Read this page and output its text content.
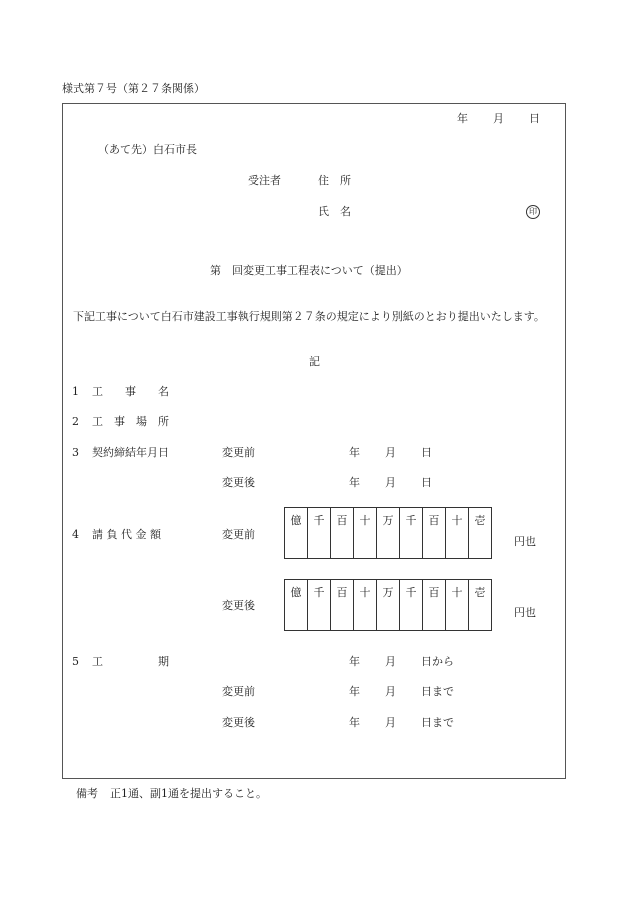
様式第７号（第２７条関係）
年 月 日
（あて先）白石市長
受注者	住　所
氏　名	印
第　回変更工事工程表について（提出）
　下記工事について白石市建設工事執行規則第２７条の規定により別紙のとおり提出いたします。
記
1 工　　事　　名
2 工　事　場　所
3 契約締結年月日	変更前	年 月 日
変更後	年 月 日
4 請 負 代 金 額	変更前
億	千	百	十	万	千	百	十	壱
円也
変更後
億	千	百	十	万	千	百	十	壱
円也
5 工　　　　　期	年 月 日から
変更前	年 月 日まで
変更後	年 月 日まで
備考 正1通、副1通を提出すること。
